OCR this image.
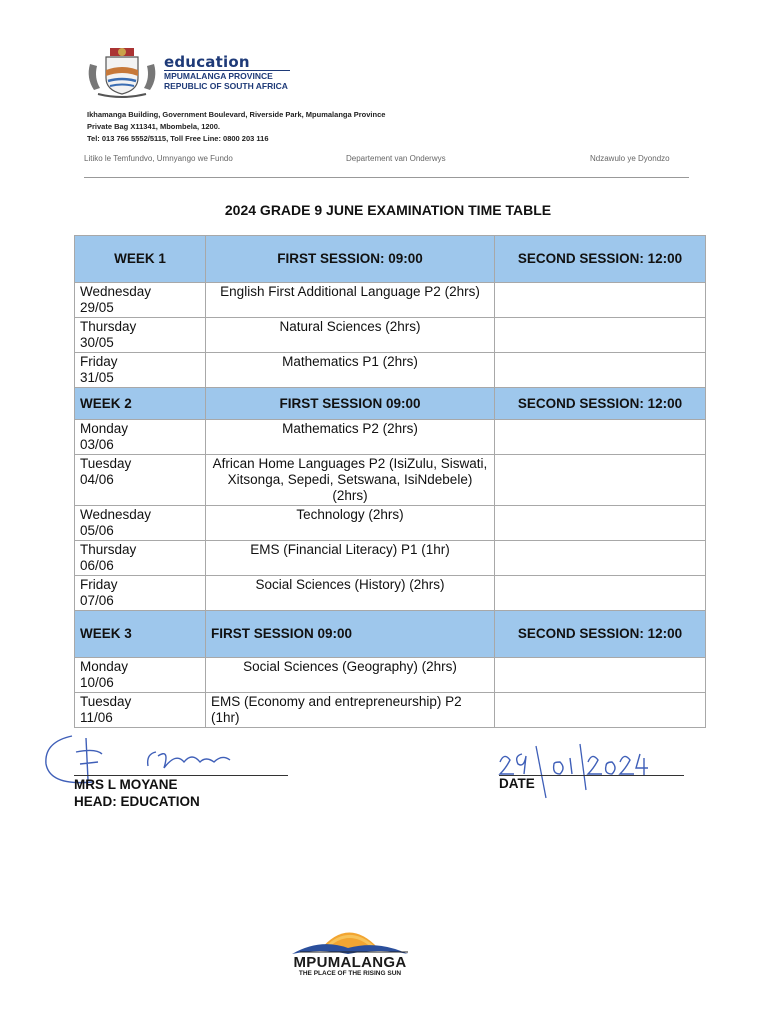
education
MPUMALANGA PROVINCE
REPUBLIC OF SOUTH AFRICA
Ikhamanga Building, Government Boulevard, Riverside Park, Mpumalanga Province
Private Bag X11341, Mbombela, 1200.
Tel: 013 766 5552/5115, Toll Free Line: 0800 203 116
Litiko le Temfundvo, Umnyango we Fundo	Departement van Onderwys	Ndzawulo ye Dyondzo
2024 GRADE 9 JUNE EXAMINATION TIME TABLE
WEEK 1	FIRST SESSION: 09:00	SECOND SESSION: 12:00

Wednesday
29/05	English First Additional Language P2 (2hrs)	

Thursday
30/05	Natural Sciences (2hrs)	

Friday
31/05	Mathematics P1 (2hrs)	
WEEK 2	FIRST SESSION 09:00	SECOND SESSION: 12:00

Monday
03/06	Mathematics P2 (2hrs)	

Tuesday
04/06	African Home Languages P2 (IsiZulu, Siswati, Xitsonga, Sepedi, Setswana, IsiNdebele) (2hrs)	

Wednesday
05/06	Technology (2hrs)	

Thursday
06/06	EMS (Financial Literacy) P1 (1hr)	

Friday
07/06	Social Sciences (History) (2hrs)	
WEEK 3	FIRST SESSION 09:00	SECOND SESSION: 12:00

Monday
10/06	Social Sciences (Geography) (2hrs)	

Tuesday
11/06	EMS (Economy and entrepreneurship) P2 (1hr)	
MRS L MOYANE
HEAD: EDUCATION
DATE
MPUMALANGA
THE PLACE OF THE RISING SUN
